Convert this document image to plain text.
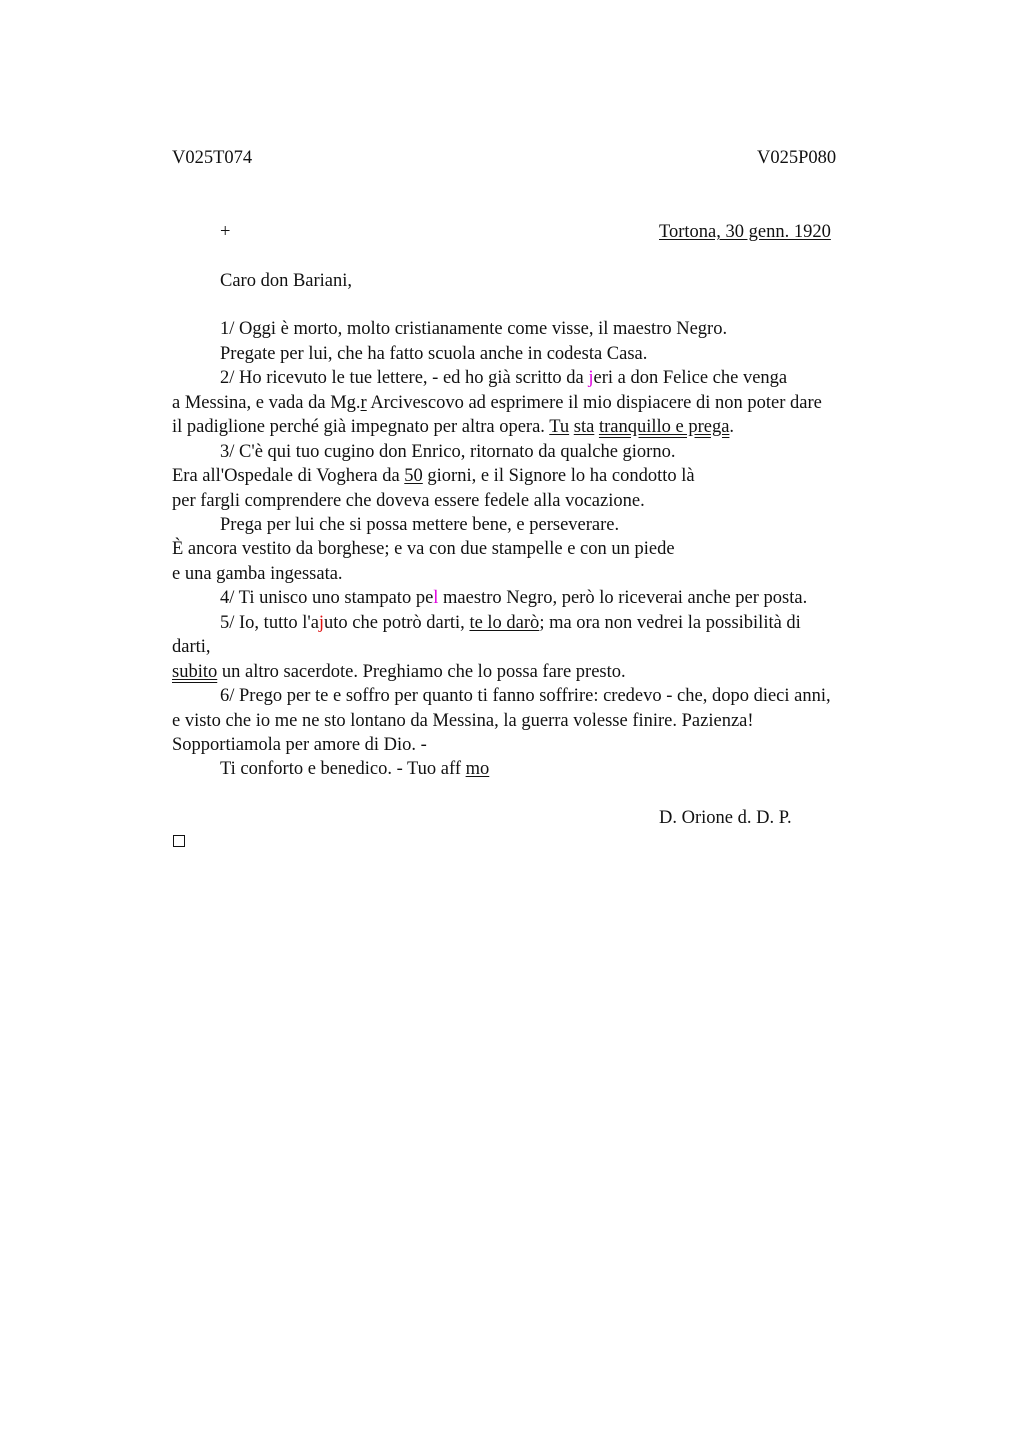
V025T074	V025P080
+	Tortona, 30 genn. 1920
Caro don Bariani,
1/ Oggi è morto, molto cristianamente come visse, il maestro Negro.
Pregate per lui, che ha fatto scuola anche in codesta Casa.
2/ Ho ricevuto le tue lettere, - ed ho già scritto da jeri a don Felice che venga
a Messina, e vada da Mg.r Arcivescovo ad esprimere il mio dispiacere di non poter dare
il padiglione perché già impegnato per altra opera. Tu sta tranquillo e prega.
3/ C'è qui tuo cugino don Enrico, ritornato da qualche giorno.
Era all'Ospedale di Voghera da 50 giorni, e il Signore lo ha condotto là
per fargli comprendere che doveva essere fedele alla vocazione.
Prega per lui che si possa mettere bene, e perseverare.
È ancora vestito da borghese; e va con due stampelle e con un piede
e una gamba ingessata.
4/ Ti unisco uno stampato pel maestro Negro, però lo riceverai anche per posta.
5/ Io, tutto l'ajuto che potrò darti, te lo darò; ma ora non vedrei la possibilità di
darti,
subito un altro sacerdote. Preghiamo che lo possa fare presto.
6/ Prego per te e soffro per quanto ti fanno soffrire: credevo - che, dopo dieci anni,
e visto che io me ne sto lontano da Messina, la guerra volesse finire. Pazienza!
Sopportiamola per amore di Dio. -
Ti conforto e benedico. - Tuo aff mo
D. Orione d. D. P.
